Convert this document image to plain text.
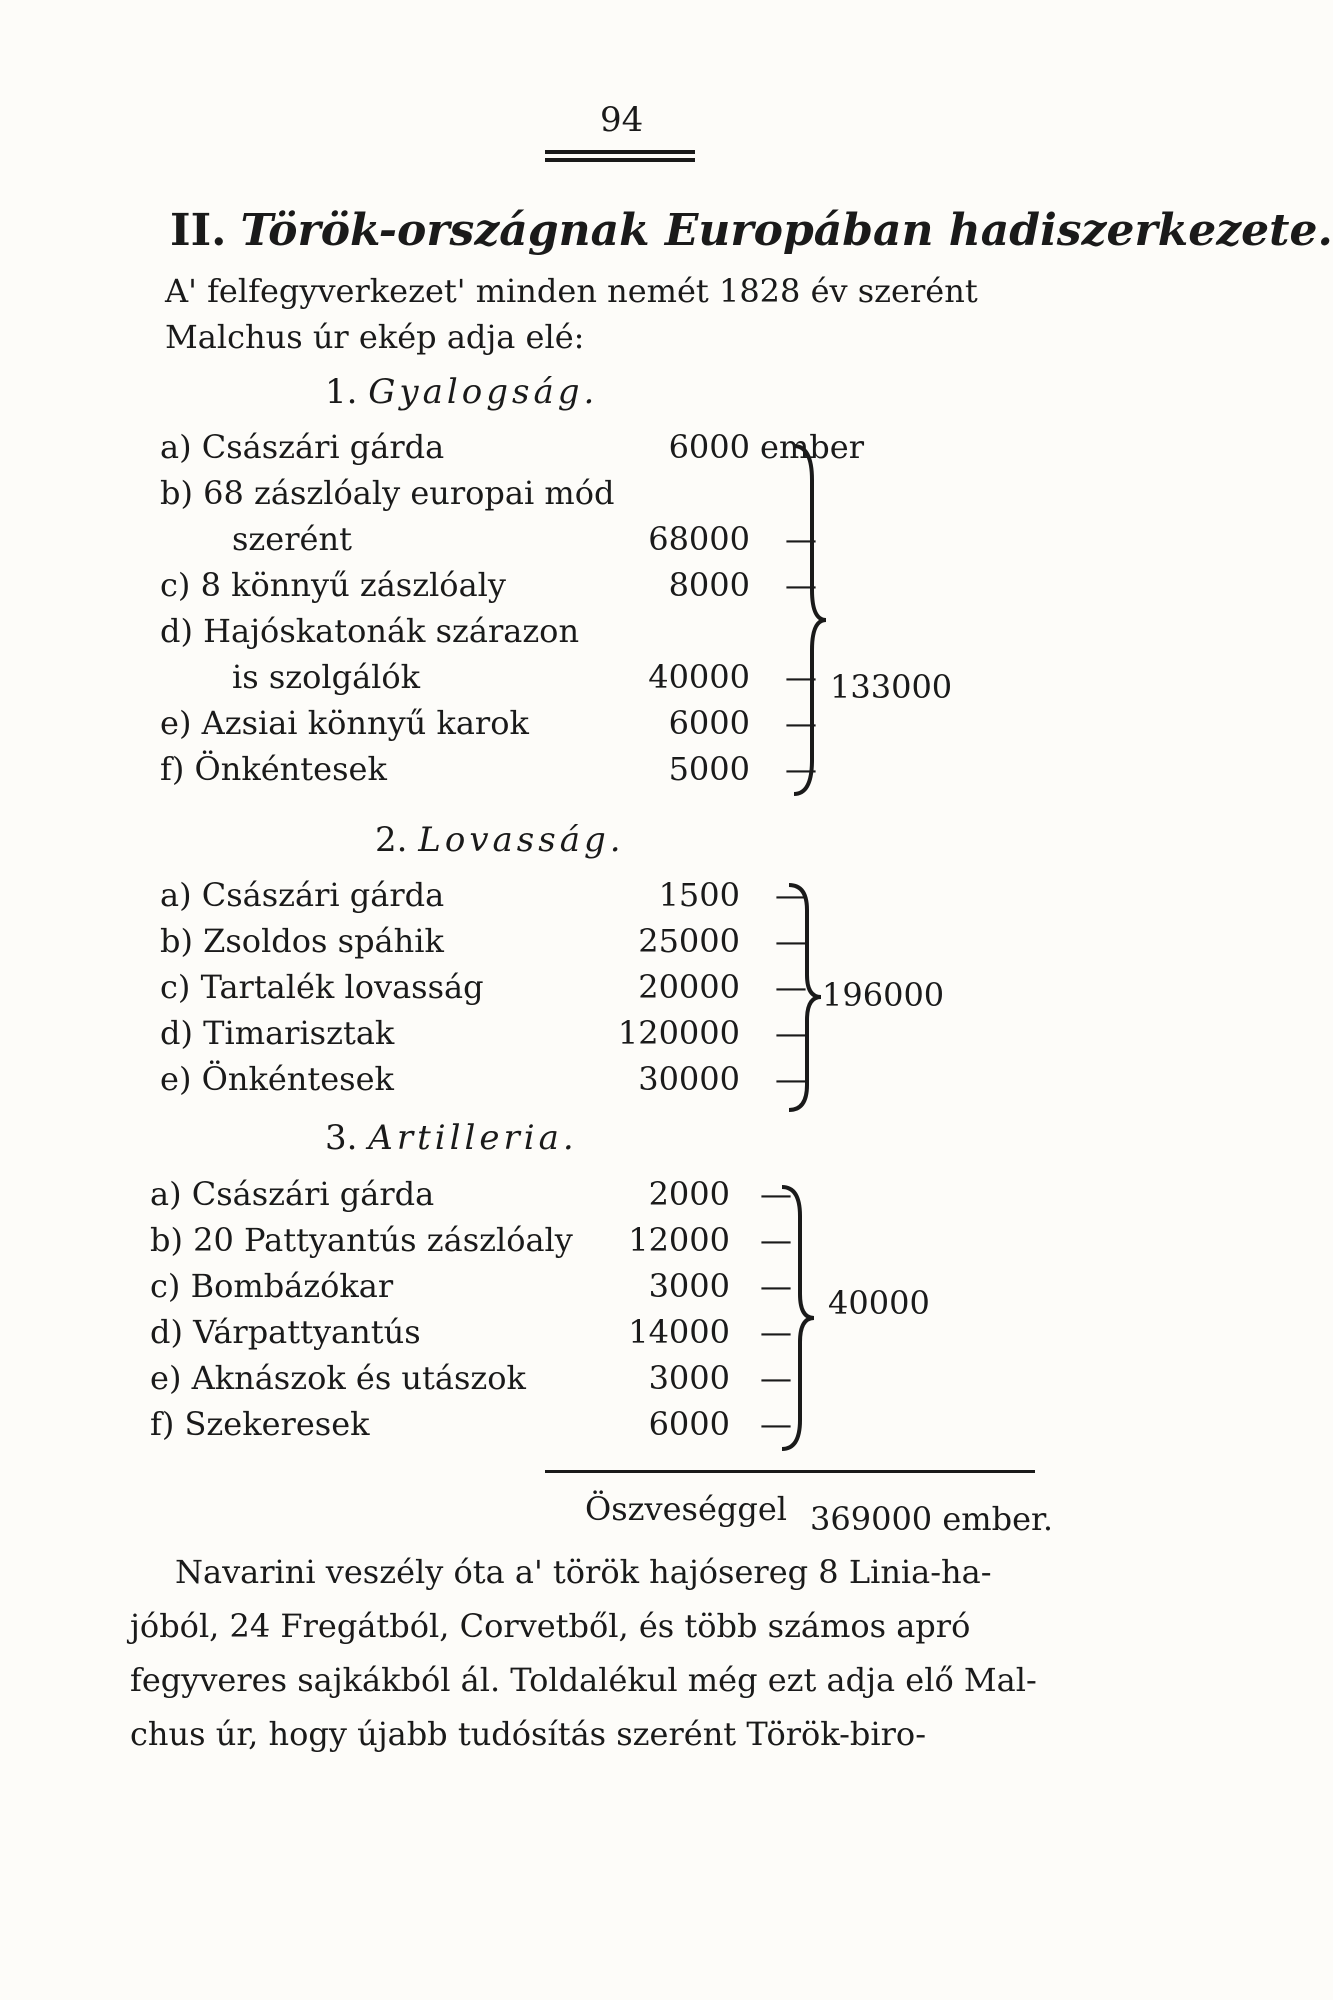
94
II. Török-országnak Europában hadiszerkezete.
A' felfegyverkezet' minden nemét 1828 év szerént
Malchus úr ekép adja elé:
1. Gyalogság.
a) Császári gárda	6000 ember
b) 68 zászlóaly europai mód
szerént	68000 —
c) 8 könnyű zászlóaly	8000 —
d) Hajóskatonák szárazon
is szolgálók	40000 —
e) Azsiai könnyű karok	6000 —
f) Önkéntesek	5000 —
133000
2. Lovasság.
a) Császári gárda	1500 —
b) Zsoldos spáhik	25000 —
c) Tartalék lovasság	20000 —
d) Timarisztak	120000 —
e) Önkéntesek	30000 —
196000
3. Artilleria.
a) Császári gárda	2000 —
b) 20 Pattyantús zászlóaly	12000 —
c) Bombázókar	3000 —
d) Várpattyantús	14000 —
e) Aknászok és utászok	3000 —
f) Szekeresek	6000 —
40000
Öszveséggel 369000 ember.
Navarini veszély óta a' török hajósereg 8 Linia-ha-
jóból, 24 Fregátból, Corvetből, és több számos apró
fegyveres sajkákból ál. Toldalékul még ezt adja elő Mal-
chus úr, hogy újabb tudósítás szerént Török-biro-
